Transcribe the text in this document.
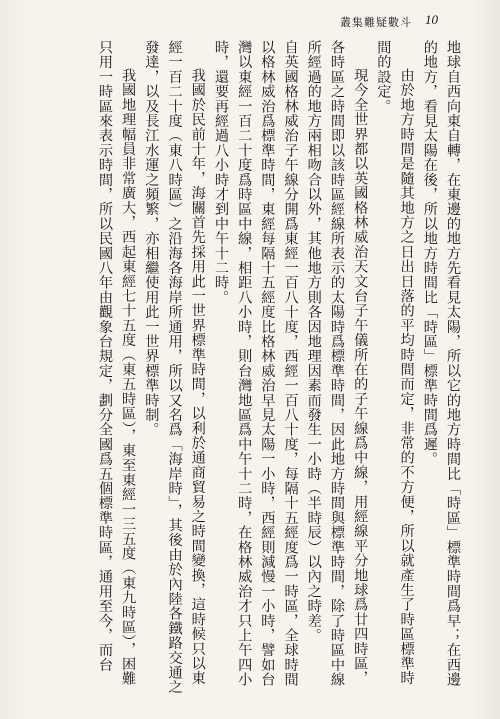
叢集難疑數斗 10

地球自西向東自轉，在東邊的地方先看見太陽，所以它的地方時間比「時區」標準時間爲早；在西邊的地方，看見太陽在後，所以地方時間比「時區」標準時間爲遲。

由於地方時間是隨其地方之日出日落的平均時間而定，非常的不方便，所以就產生了時區標準時間的設定。

現今全世界都以英國格林威治天文台子午儀所在的子午線爲中線，用經線平分地球爲廿四時區，各時區之時間即以該時區經線所表示的太陽時爲標準時間，因此地方時間與標準時間，除了時區中線所經過的地方兩相吻合以外，其他地方則各因地理因素而發生一小時（半時辰）以內之時差。

自英國格林威治子午線分開爲東經一百八十度，西經一百八十度，每隔十五經度爲一時區，全球時間以格林威治爲標準時間，東經每隔十五經度比格林威治早見太陽一小時，西經則減慢一小時，譬如台灣以東經一百二十度爲時區中線，相距八小時，則台灣地區爲中午十二時，在格林威治才只上午四小時，還要再經過八小時才到中午十二時。

我國於民前十年，海關首先採用此一世界標準時間，以利於通商貿易之時間變換，這時候只以東經一百二十度（東八時區）之沿海各海岸所通用，所以又名爲「海岸時」，其後由於內陸各鐵路交通之發達，以及長江水運之頻繁，亦相繼使用此一世界標準時制。

我國地理幅員非常廣大，西起東經七十五度（東五時區），東至東經一三五度（東九時區），困難只用一時區來表示時間，所以民國八年由觀象台規定，劃分全國爲五個標準時區，通用至今，而台
